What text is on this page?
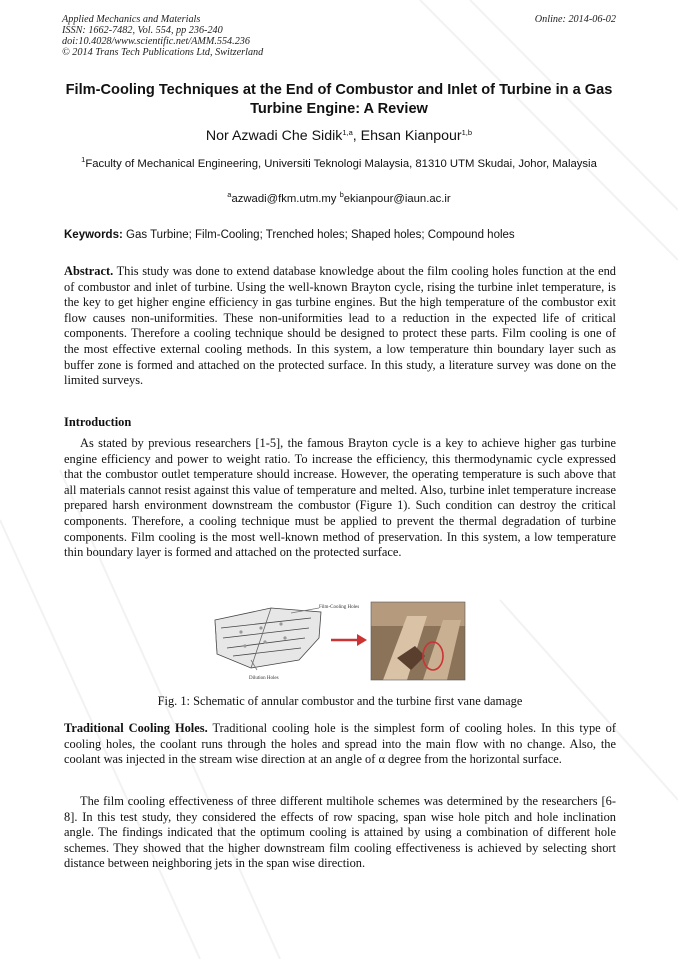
Applied Mechanics and Materials
ISSN: 1662-7482, Vol. 554, pp 236-240
doi:10.4028/www.scientific.net/AMM.554.236
© 2014 Trans Tech Publications Ltd, Switzerland
Online: 2014-06-02
Film-Cooling Techniques at the End of Combustor and Inlet of Turbine in a Gas Turbine Engine: A Review
Nor Azwadi Che Sidik$^{1,a}$, Ehsan Kianpour$^{1,b}$
$^1$Faculty of Mechanical Engineering, Universiti Teknologi Malaysia, 81310 UTM Skudai, Johor, Malaysia
$^a$azwadi@fkm.utm.my $^b$ekianpour@iaun.ac.ir
Keywords: Gas Turbine; Film-Cooling; Trenched holes; Shaped holes; Compound holes
Abstract. This study was done to extend database knowledge about the film cooling holes function at the end of combustor and inlet of turbine. Using the well-known Brayton cycle, rising the turbine inlet temperature, is the key to get higher engine efficiency in gas turbine engines. But the high temperature of the combustor exit flow causes non-uniformities. These non-uniformities lead to a reduction in the expected life of critical components. Therefore a cooling technique should be designed to protect these parts. Film cooling is one of the most effective external cooling methods. In this system, a low temperature thin boundary layer such as buffer zone is formed and attached on the protected surface. In this study, a literature survey was done on the limited surveys.
Introduction
As stated by previous researchers [1-5], the famous Brayton cycle is a key to achieve higher gas turbine engine efficiency and power to weight ratio. To increase the efficiency, this thermodynamic cycle expressed that the combustor outlet temperature should increase. However, the operating temperature is such above that all materials cannot resist against this value of temperature and melted. Also, turbine inlet temperature increase prepared harsh environment downstream the combustor (Figure 1). Such condition can destroy the critical components. Therefore, a cooling technique must be applied to prevent the thermal degradation of turbine components. Film cooling is the most well-known method of preservation. In this system, a low temperature thin boundary layer is formed and attached on the protected surface.
Film-Cooling Holes
Dilution Holes
Fig. 1: Schematic of annular combustor and the turbine first vane damage
Traditional Cooling Holes. Traditional cooling hole is the simplest form of cooling holes. In this type of cooling holes, the coolant runs through the holes and spread into the main flow with no change. Also, the coolant was injected in the stream wise direction at an angle of α degree from the horizontal surface.
The film cooling effectiveness of three different multihole schemes was determined by the researchers [6-8]. In this test study, they considered the effects of row spacing, span wise hole pitch and hole inclination angle. The findings indicated that the optimum cooling is attained by using a combination of different hole schemes. They showed that the higher downstream film cooling effectiveness is achieved by selecting short distance between neighboring jets in the span wise direction.
